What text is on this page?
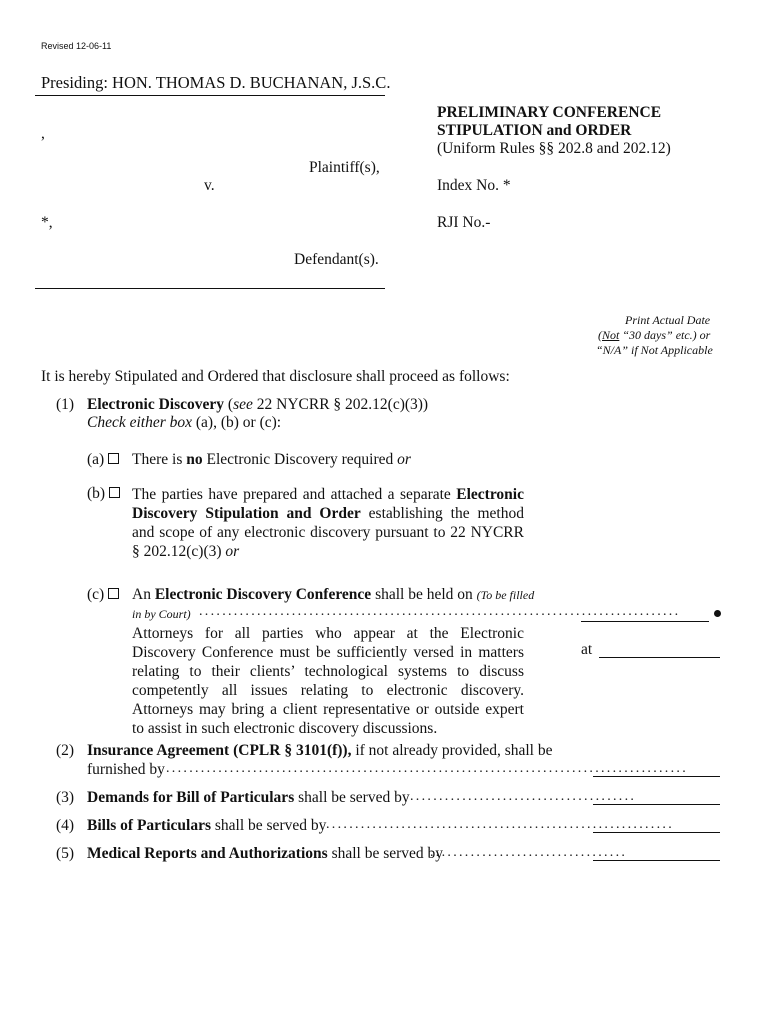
Revised 12-06-11
Presiding: HON. THOMAS D. BUCHANAN, J.S.C.
,
Plaintiff(s),
v.
*,
Defendant(s).
PRELIMINARY CONFERENCE
STIPULATION and ORDER
(Uniform Rules §§ 202.8 and 202.12)
Index No. *
RJI No.-
Print Actual Date
(Not “30 days” etc.) or
“N/A” if Not Applicable
It is hereby Stipulated and Ordered that disclosure shall proceed as follows:
(1) Electronic Discovery (see 22 NYCRR § 202.12(c)(3))
Check either box (a), (b) or (c):
(a)	There is no Electronic Discovery required or
(b)	The parties have prepared and attached a separate Electronic Discovery Stipulation and Order establishing the method and scope of any electronic discovery pursuant to 22 NYCRR § 202.12(c)(3) or
(c)	An Electronic Discovery Conference shall be held on (To be filled
in by Court) ...................................................................................
Attorneys for all parties who appear at the Electronic Discovery Conference must be sufficiently versed in matters relating to their clients’ technological systems to discuss competently all issues relating to electronic discovery. Attorneys may bring a client representative or outside expert to assist in such electronic discovery discussions.
at
(2) Insurance Agreement (CPLR § 3101(f)), if not already provided, shall be
furnished by ..........................................................................................
(3) Demands for Bill of Particulars shall be served by .......................................
(4) Bills of Particulars shall be served by ............................................................
(5) Medical Reports and Authorizations shall be served by
..................................
